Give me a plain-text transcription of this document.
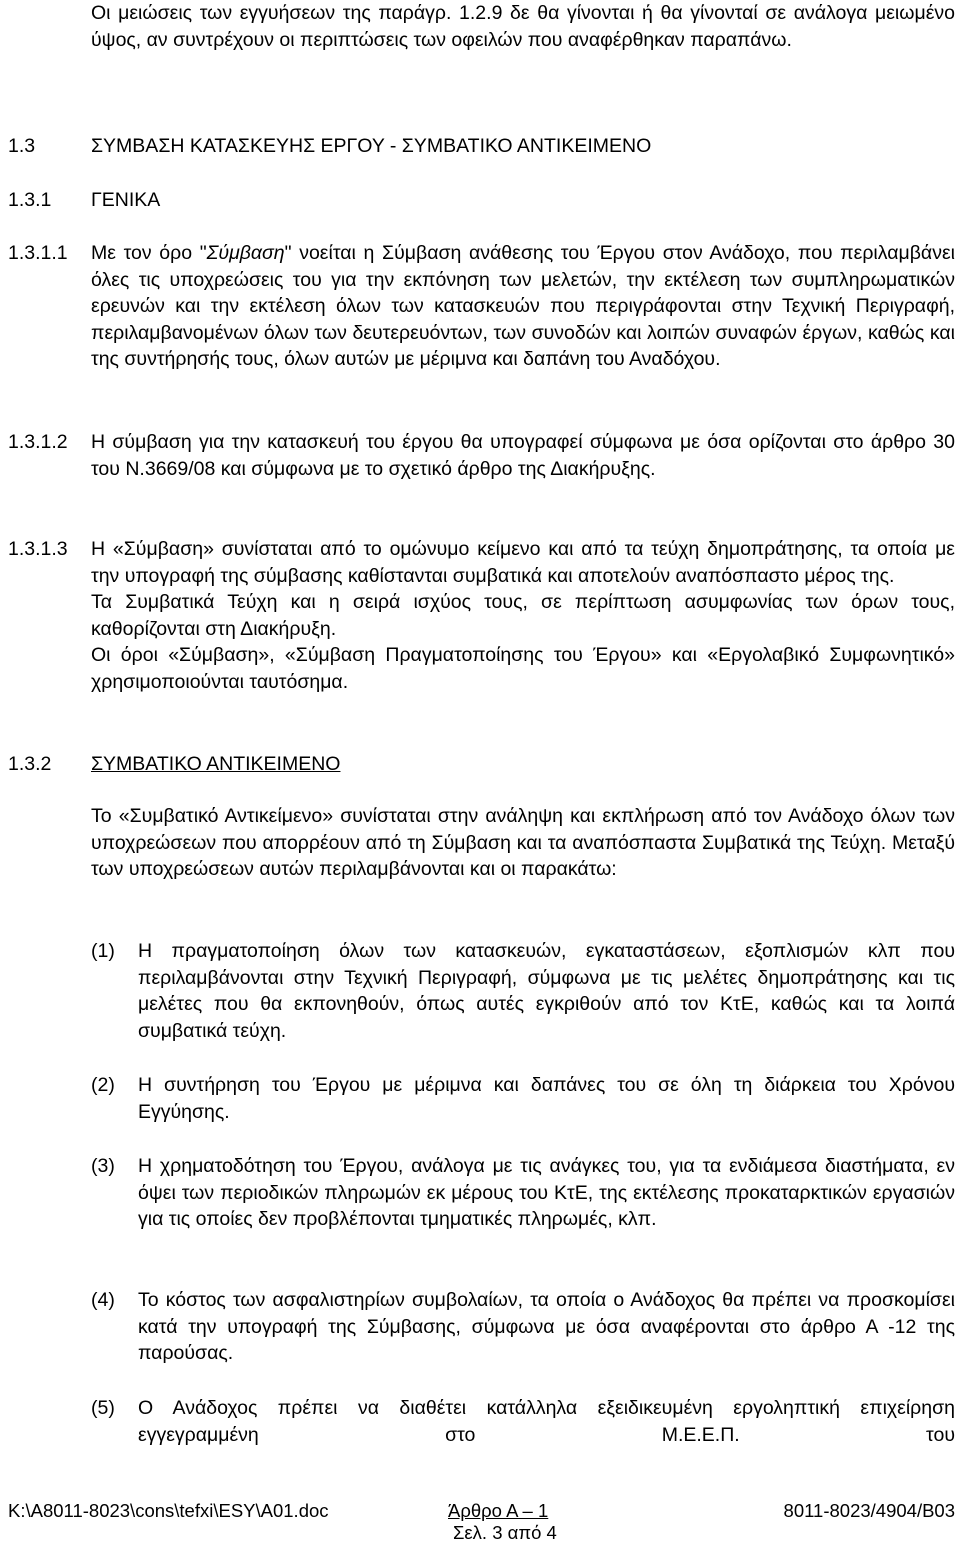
Οι μειώσεις των εγγυήσεων της παράγρ. 1.2.9 δε θα γίνονται ή θα γίνονταί σε ανάλογα μειωμένο ύψος, αν συντρέχουν οι περιπτώσεις των οφειλών που αναφέρθηκαν παραπάνω.

1.3	ΣΥΜΒΑΣΗ ΚΑΤΑΣΚΕΥΗΣ ΕΡΓΟΥ - ΣΥΜΒΑΤΙΚΟ ΑΝΤΙΚΕΙΜΕΝΟ
1.3.1 ΓΕΝΙΚΑ
1.3.1.1 Με τον όρο "Σύμβαση" νοείται η Σύμβαση ανάθεσης του Έργου στον Ανάδοχο, που περιλαμβάνει όλες τις υποχρεώσεις του για την εκπόνηση των μελετών, την εκτέλεση των συμπληρωματικών ερευνών και την εκτέλεση όλων των κατασκευών που περιγράφονται στην Τεχνική Περιγραφή, περιλαμβανομένων όλων των δευτερευόντων, των συνοδών και λοιπών συναφών έργων, καθώς και της συντήρησής τους, όλων αυτών με μέριμνα και δαπάνη του Αναδόχου.
1.3.1.2 Η σύμβαση για την κατασκευή του έργου θα υπογραφεί σύμφωνα με όσα ορίζονται στο άρθρο 30 του Ν.3669/08 και σύμφωνα με το σχετικό άρθρο της Διακήρυξης.
1.3.1.3 Η «Σύμβαση» συνίσταται από το ομώνυμο κείμενο και από τα τεύχη δημοπράτησης, τα οποία με την υπογραφή της σύμβασης καθίστανται συμβατικά και αποτελούν αναπόσπαστο μέρος της.

Τα Συμβατικά Τεύχη και η σειρά ισχύος τους, σε περίπτωση ασυμφωνίας των όρων τους, καθορίζονται στη Διακήρυξη.

Οι όροι «Σύμβαση», «Σύμβαση Πραγματοποίησης του Έργου» και «Εργολαβικό Συμφωνητικό» χρησιμοποιούνται ταυτόσημα.

1.3.2 ΣΥΜΒΑΤΙΚΟ ΑΝΤΙΚΕΙΜΕΝΟ

Το «Συμβατικό Αντικείμενο» συνίσταται στην ανάληψη και εκπλήρωση από τον Ανάδοχο όλων των υποχρεώσεων που απορρέουν από τη Σύμβαση και τα αναπόσπαστα Συμβατικά της Τεύχη. Μεταξύ των υποχρεώσεων αυτών περιλαμβάνονται και οι παρακάτω:

(1) Η πραγματοποίηση όλων των κατασκευών, εγκαταστάσεων, εξοπλισμών κλπ που περιλαμβάνονται στην Τεχνική Περιγραφή, σύμφωνα με τις μελέτες δημοπράτησης και τις μελέτες που θα εκπονηθούν, όπως αυτές εγκριθούν από τον ΚτΕ, καθώς και τα λοιπά συμβατικά τεύχη.
(2) Η συντήρηση του Έργου με μέριμνα και δαπάνες του σε όλη τη διάρκεια του Χρόνου Εγγύησης.
(3) Η χρηματοδότηση του Έργου, ανάλογα με τις ανάγκες του, για τα ενδιάμεσα διαστήματα, εν όψει των περιοδικών πληρωμών εκ μέρους του ΚτΕ, της εκτέλεσης προκαταρκτικών εργασιών για τις οποίες δεν προβλέπονται τμηματικές πληρωμές, κλπ.
(4) Το κόστος των ασφαλιστηρίων συμβολαίων, τα οποία ο Ανάδοχος θα πρέπει να προσκομίσει κατά την υπογραφή της Σύμβασης, σύμφωνα με όσα αναφέρονται στο άρθρο Α -12 της παρούσας.
(5) Ο Ανάδοχος πρέπει να διαθέτει κατάλληλα εξειδικευμένη εργοληπτική επιχείρηση εγγεγραμμένη στο Μ.Ε.Ε.Π. του
K:\A8011-8023\cons\tefxi\ESY\A01.doc	Άρθρο Α – 1	8011-8023/4904/B03
Σελ. 3 από 4
